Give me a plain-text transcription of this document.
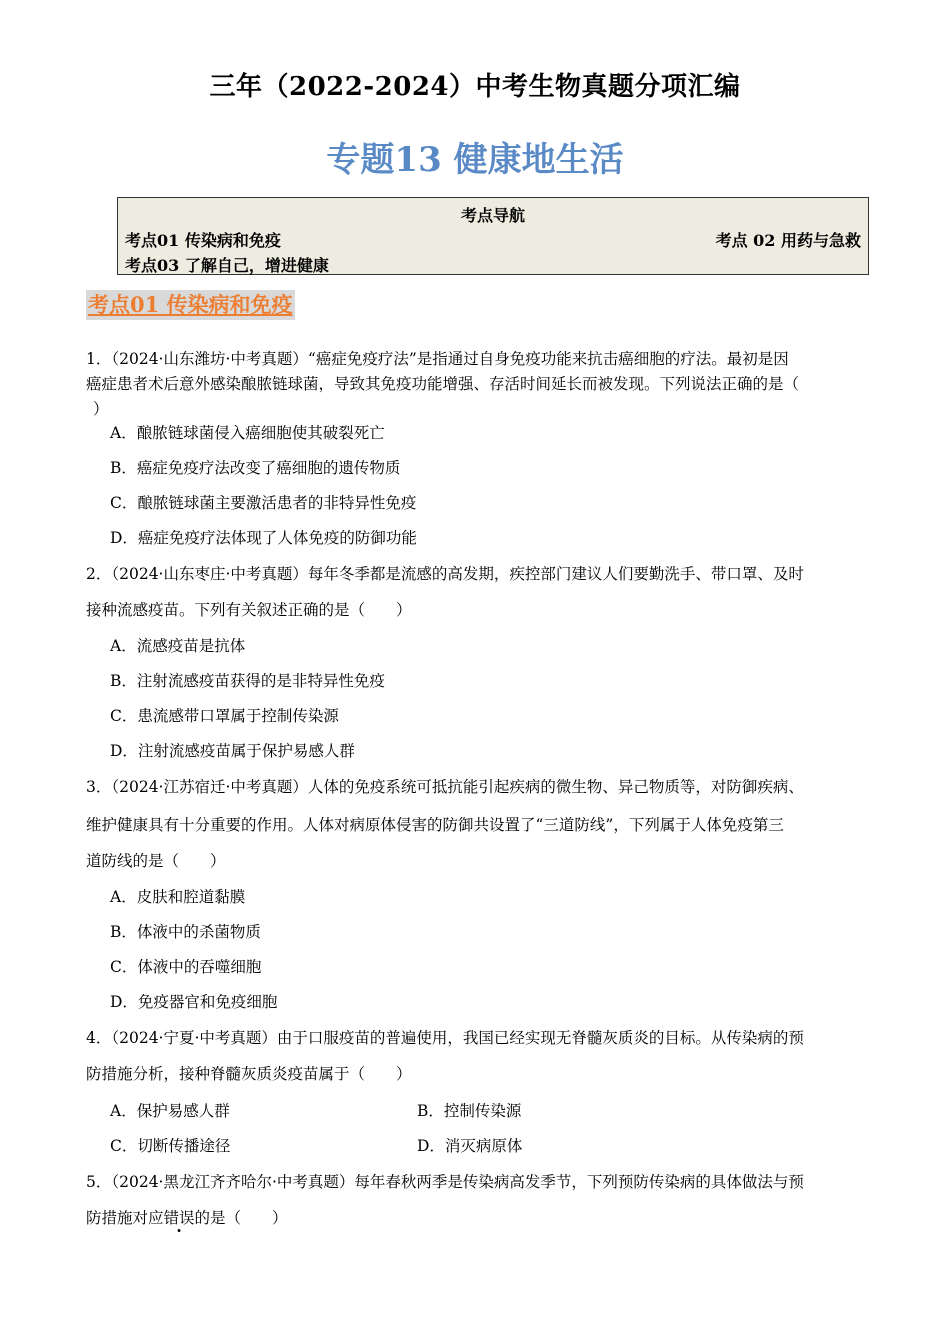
三年（2022-2024）中考生物真题分项汇编
专题13 健康地生活
考点导航
考点01 传染病和免疫	考点 02 用药与急救
考点03 了解自己，增进健康
考点01 传染病和免疫
1．（2024·山东潍坊·中考真题）“癌症免疫疗法”是指通过自身免疫功能来抗击癌细胞的疗法。最初是因
癌症患者术后意外感染酿脓链球菌，导致其免疫功能增强、存活时间延长而被发现。下列说法正确的是（
）
A．酿脓链球菌侵入癌细胞使其破裂死亡
B．癌症免疫疗法改变了癌细胞的遗传物质
C．酿脓链球菌主要激活患者的非特异性免疫
D．癌症免疫疗法体现了人体免疫的防御功能
2．（2024·山东枣庄·中考真题）每年冬季都是流感的高发期，疾控部门建议人们要勤洗手、带口罩、及时
接种流感疫苗。下列有关叙述正确的是（　　）
A．流感疫苗是抗体
B．注射流感疫苗获得的是非特异性免疫
C．患流感带口罩属于控制传染源
D．注射流感疫苗属于保护易感人群
3．（2024·江苏宿迁·中考真题）人体的免疫系统可抵抗能引起疾病的微生物、异己物质等，对防御疾病、
维护健康具有十分重要的作用。人体对病原体侵害的防御共设置了“三道防线”，下列属于人体免疫第三
道防线的是（　　）
A．皮肤和腔道黏膜
B．体液中的杀菌物质
C．体液中的吞噬细胞
D．免疫器官和免疫细胞
4．（2024·宁夏·中考真题）由于口服疫苗的普遍使用，我国已经实现无脊髓灰质炎的目标。从传染病的预
防措施分析，接种脊髓灰质炎疫苗属于（　　）
A．保护易感人群	B．控制传染源
C．切断传播途径	D．消灭病原体
5．（2024·黑龙江齐齐哈尔·中考真题）每年春秋两季是传染病高发季节，下列预防传染病的具体做法与预
防措施对应错误的是（　　）
